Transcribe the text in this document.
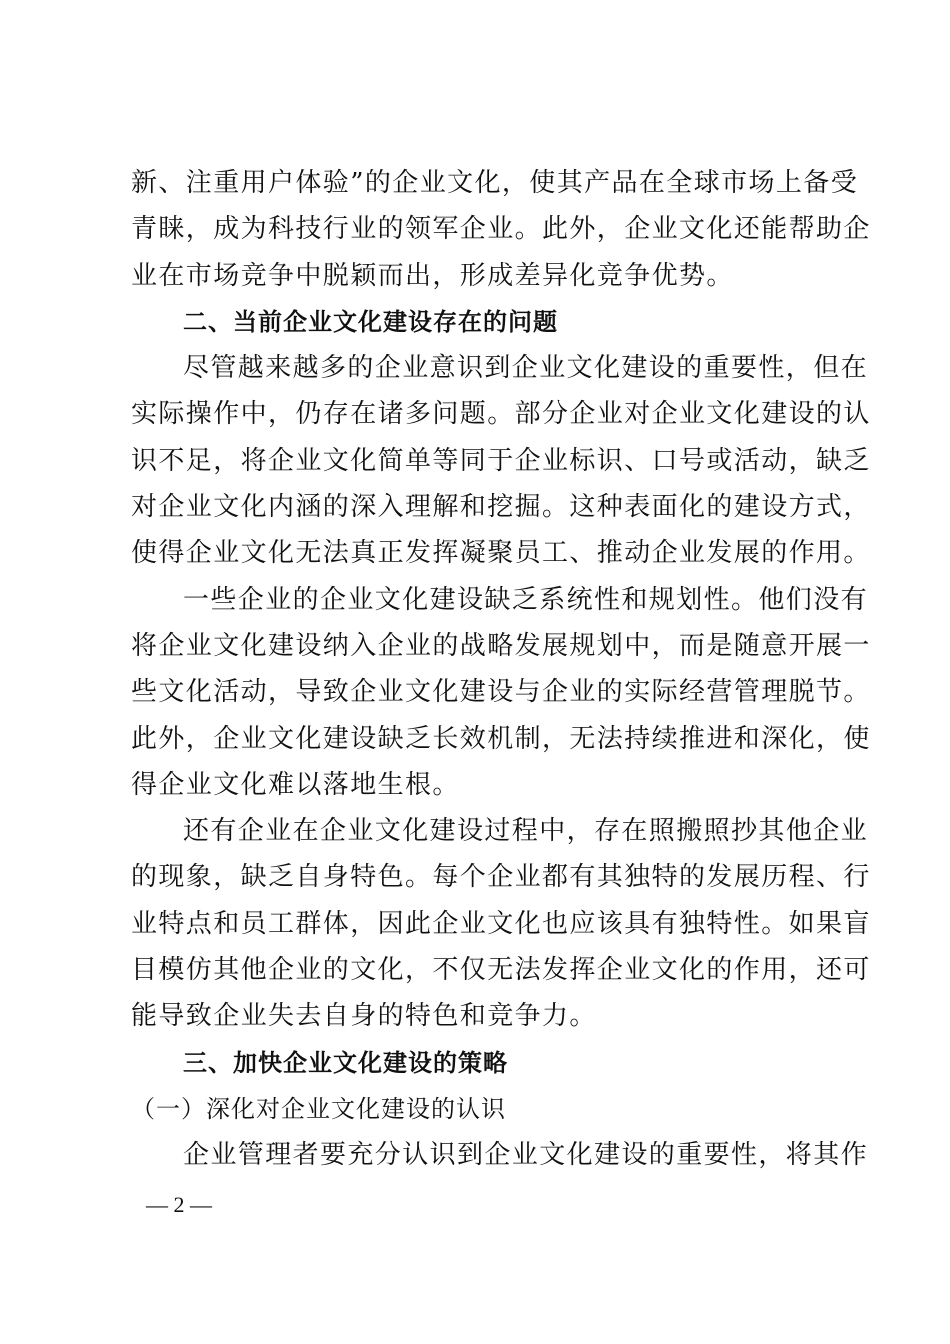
新、注重用户体验”的企业文化，使其产品在全球市场上备受
青睐，成为科技行业的领军企业。此外，企业文化还能帮助企
业在市场竞争中脱颖而出，形成差异化竞争优势。
二、当前企业文化建设存在的问题
尽管越来越多的企业意识到企业文化建设的重要性，但在
实际操作中，仍存在诸多问题。部分企业对企业文化建设的认
识不足，将企业文化简单等同于企业标识、口号或活动，缺乏
对企业文化内涵的深入理解和挖掘。这种表面化的建设方式，
使得企业文化无法真正发挥凝聚员工、推动企业发展的作用。
一些企业的企业文化建设缺乏系统性和规划性。他们没有
将企业文化建设纳入企业的战略发展规划中，而是随意开展一
些文化活动，导致企业文化建设与企业的实际经营管理脱节。
此外，企业文化建设缺乏长效机制，无法持续推进和深化，使
得企业文化难以落地生根。
还有企业在企业文化建设过程中，存在照搬照抄其他企业
的现象，缺乏自身特色。每个企业都有其独特的发展历程、行
业特点和员工群体，因此企业文化也应该具有独特性。如果盲
目模仿其他企业的文化，不仅无法发挥企业文化的作用，还可
能导致企业失去自身的特色和竞争力。
三、加快企业文化建设的策略
（一）深化对企业文化建设的认识
企业管理者要充分认识到企业文化建设的重要性，将其作
— 2 —
